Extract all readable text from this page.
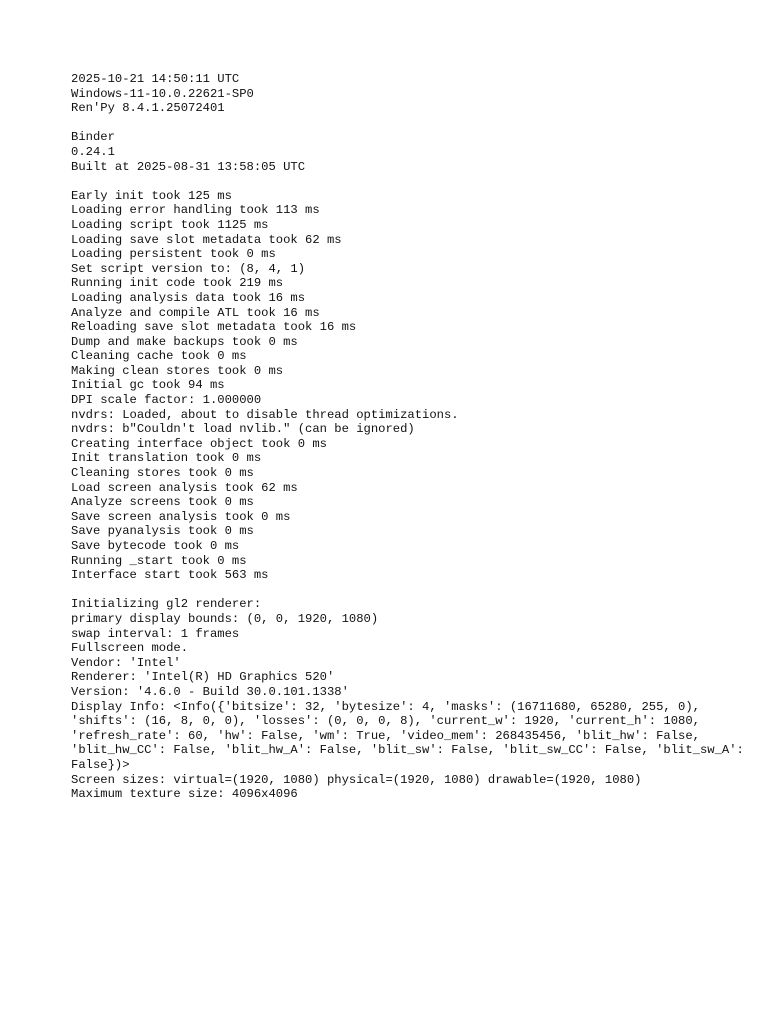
2025-10-21 14:50:11 UTC
Windows-11-10.0.22621-SP0
Ren'Py 8.4.1.25072401
Binder
0.24.1
Built at 2025-08-31 13:58:05 UTC
Early init took 125 ms
Loading error handling took 113 ms
Loading script took 1125 ms
Loading save slot metadata took 62 ms
Loading persistent took 0 ms
Set script version to: (8, 4, 1)
Running init code took 219 ms
Loading analysis data took 16 ms
Analyze and compile ATL took 16 ms
Reloading save slot metadata took 16 ms
Dump and make backups took 0 ms
Cleaning cache took 0 ms
Making clean stores took 0 ms
Initial gc took 94 ms
DPI scale factor: 1.000000
nvdrs: Loaded, about to disable thread optimizations.
nvdrs: b"Couldn't load nvlib." (can be ignored)
Creating interface object took 0 ms
Init translation took 0 ms
Cleaning stores took 0 ms
Load screen analysis took 62 ms
Analyze screens took 0 ms
Save screen analysis took 0 ms
Save pyanalysis took 0 ms
Save bytecode took 0 ms
Running _start took 0 ms
Interface start took 563 ms
Initializing gl2 renderer:
primary display bounds: (0, 0, 1920, 1080)
swap interval: 1 frames
Fullscreen mode.
Vendor: 'Intel'
Renderer: 'Intel(R) HD Graphics 520'
Version: '4.6.0 - Build 30.0.101.1338'
Display Info: <Info({'bitsize': 32, 'bytesize': 4, 'masks': (16711680, 65280, 255, 0), 'shifts': (16, 8, 0, 0), 'losses': (0, 0, 0, 8), 'current_w': 1920, 'current_h': 1080, 'refresh_rate': 60, 'hw': False, 'wm': True, 'video_mem': 268435456, 'blit_hw': False, 'blit_hw_CC': False, 'blit_hw_A': False, 'blit_sw': False, 'blit_sw_CC': False, 'blit_sw_A': False})>
Screen sizes: virtual=(1920, 1080) physical=(1920, 1080) drawable=(1920, 1080)
Maximum texture size: 4096x4096
